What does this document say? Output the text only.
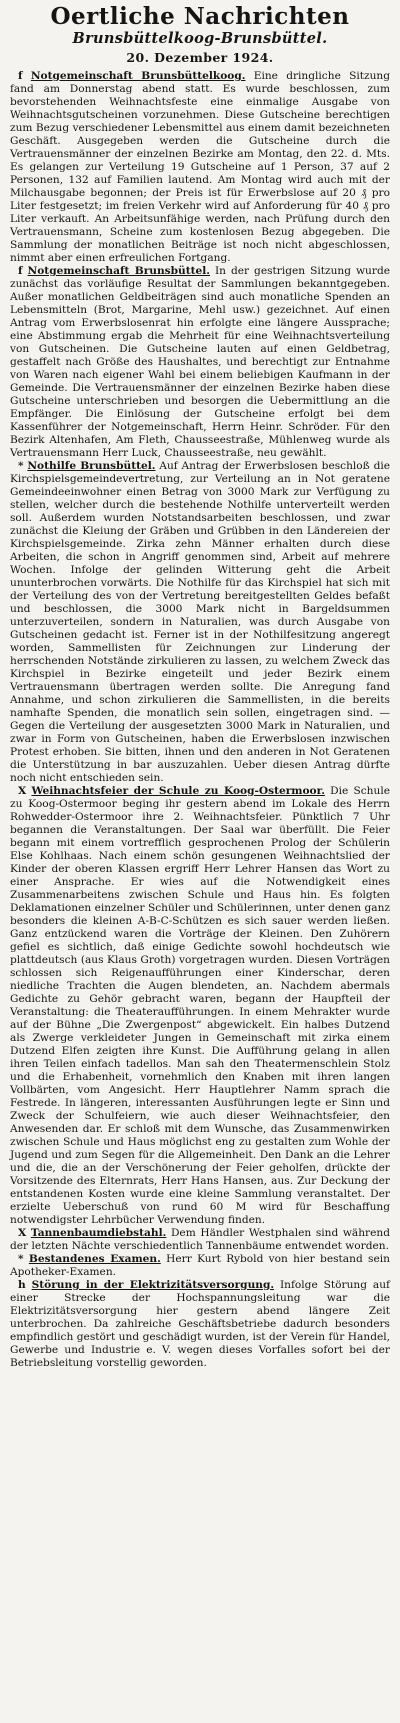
Oertliche Nachrichten
Brunsbüttelkoog-Brunsbüttel.
20. Dezember 1924.

f Notgemeinschaft Brunsbüttelkoog. Eine dringliche Sitzung fand am Donnerstag abend statt. Es wurde beschlossen, zum bevorstehenden Weihnachtsfeste eine einmalige Ausgabe von Weihnachtsgutscheinen vorzunehmen. Diese Gutscheine berechtigen zum Bezug verschiedener Lebensmittel aus einem damit bezeichneten Geschäft. Ausgegeben werden die Gutscheine durch die Vertrauensmänner der einzelnen Bezirke am Montag, den 22. d. Mts. Es gelangen zur Verteilung 19 Gutscheine auf 1 Person, 37 auf 2 Personen, 132 auf Familien lautend. Am Montag wird auch mit der Milchausgabe begonnen; der Preis ist für Erwerbslose auf 20 ₰ pro Liter festgesetzt; im freien Verkehr wird auf Anforderung für 40 ₰ pro Liter verkauft. An Arbeitsunfähige werden, nach Prüfung durch den Vertrauensmann, Scheine zum kostenlosen Bezug abgegeben. Die Sammlung der monatlichen Beiträge ist noch nicht abgeschlossen, nimmt aber einen erfreulichen Fortgang.

f Notgemeinschaft Brunsbüttel. In der gestrigen Sitzung wurde zunächst das vorläufige Resultat der Sammlungen bekanntgegeben. Außer monatlichen Geldbeiträgen sind auch monatliche Spenden an Lebensmitteln (Brot, Margarine, Mehl usw.) gezeichnet. Auf einen Antrag vom Erwerbslosenrat hin erfolgte eine längere Aussprache; eine Abstimmung ergab die Mehrheit für eine Weihnachtsverteilung von Gutscheinen. Die Gutscheine lauten auf einen Geldbetrag, gestaffelt nach Größe des Haushaltes, und berechtigt zur Entnahme von Waren nach eigener Wahl bei einem beliebigen Kaufmann in der Gemeinde. Die Vertrauensmänner der einzelnen Bezirke haben diese Gutscheine unterschrieben und besorgen die Uebermittlung an die Empfänger. Die Einlösung der Gutscheine erfolgt bei dem Kassenführer der Notgemeinschaft, Herrn Heinr. Schröder. Für den Bezirk Altenhafen, Am Fleth, Chausseestraße, Mühlenweg wurde als Vertrauensmann Herr Luck, Chausseestraße, neu gewählt.

* Nothilfe Brunsbüttel. Auf Antrag der Erwerbslosen beschloß die Kirchspielsgemeindevertretung, zur Verteilung an in Not geratene Gemeindeeinwohner einen Betrag von 3000 Mark zur Verfügung zu stellen, welcher durch die bestehende Nothilfe unterverteilt werden soll. Außerdem wurden Notstandsarbeiten beschlossen, und zwar zunächst die Kleiung der Gräben und Grübben in den Ländereien der Kirchspielsgemeinde. Zirka zehn Männer erhalten durch diese Arbeiten, die schon in Angriff genommen sind, Arbeit auf mehrere Wochen. Infolge der gelinden Witterung geht die Arbeit ununterbrochen vorwärts. Die Nothilfe für das Kirchspiel hat sich mit der Verteilung des von der Vertretung bereitgestellten Geldes befaßt und beschlossen, die 3000 Mark nicht in Bargeldsummen unterzuverteilen, sondern in Naturalien, was durch Ausgabe von Gutscheinen gedacht ist. Ferner ist in der Nothilfesitzung angeregt worden, Sammellisten für Zeichnungen zur Linderung der herrschenden Notstände zirkulieren zu lassen, zu welchem Zweck das Kirchspiel in Bezirke eingeteilt und jeder Bezirk einem Vertrauensmann übertragen werden sollte. Die Anregung fand Annahme, und schon zirkulieren die Sammellisten, in die bereits namhafte Spenden, die monatlich sein sollen, eingetragen sind. — Gegen die Verteilung der ausgesetzten 3000 Mark in Naturalien, und zwar in Form von Gutscheinen, haben die Erwerbslosen inzwischen Protest erhoben. Sie bitten, ihnen und den anderen in Not Geratenen die Unterstützung in bar auszuzahlen. Ueber diesen Antrag dürfte noch nicht entschieden sein.

X Weihnachtsfeier der Schule zu Koog-Ostermoor. Die Schule zu Koog-Ostermoor beging ihr gestern abend im Lokale des Herrn Rohwedder-Ostermoor ihre 2. Weihnachtsfeier. Pünktlich 7 Uhr begannen die Veranstaltungen. Der Saal war überfüllt. Die Feier begann mit einem vortrefflich gesprochenen Prolog der Schülerin Else Kohlhaas. Nach einem schön gesungenen Weihnachtslied der Kinder der oberen Klassen ergriff Herr Lehrer Hansen das Wort zu einer Ansprache. Er wies auf die Notwendigkeit eines Zusammenarbeitens zwischen Schule und Haus hin. Es folgten Deklamationen einzelner Schüler und Schülerinnen, unter denen ganz besonders die kleinen A-B-C-Schützen es sich sauer werden ließen. Ganz entzückend waren die Vorträge der Kleinen. Den Zuhörern gefiel es sichtlich, daß einige Gedichte sowohl hochdeutsch wie plattdeutsch (aus Klaus Groth) vorgetragen wurden. Diesen Vorträgen schlossen sich Reigenaufführungen einer Kinderschar, deren niedliche Trachten die Augen blendeten, an. Nachdem abermals Gedichte zu Gehör gebracht waren, begann der Haupfteil der Veranstaltung: die Theateraufführungen. In einem Mehrakter wurde auf der Bühne „Die Zwergenpost“ abgewickelt. Ein halbes Dutzend als Zwerge verkleideter Jungen in Gemeinschaft mit zirka einem Dutzend Elfen zeigten ihre Kunst. Die Aufführung gelang in allen ihren Teilen einfach tadellos. Man sah den Theatermenschlein Stolz und die Erhabenheit, vornehmlich den Knaben mit ihren langen Vollbärten, vom Angesicht. Herr Hauptlehrer Namm sprach die Festrede. In längeren, interessanten Ausführungen legte er Sinn und Zweck der Schulfeiern, wie auch dieser Weihnachtsfeier, den Anwesenden dar. Er schloß mit dem Wunsche, das Zusammenwirken zwischen Schule und Haus möglichst eng zu gestalten zum Wohle der Jugend und zum Segen für die Allgemeinheit. Den Dank an die Lehrer und die, die an der Verschönerung der Feier geholfen, drückte der Vorsitzende des Elternrats, Herr Hans Hansen, aus. Zur Deckung der entstandenen Kosten wurde eine kleine Sammlung veranstaltet. Der erzielte Ueberschuß von rund 60 M wird für Beschaffung notwendigster Lehrbücher Verwendung finden.

X Tannenbaumdiebstahl. Dem Händler Westphalen sind während der letzten Nächte verschiedentlich Tannenbäume entwendet worden.

* Bestandenes Examen. Herr Kurt Rybold von hier bestand sein Apotheker-Examen.

h Störung in der Elektrizitätsversorgung. Infolge Störung auf einer Strecke der Hochspannungsleitung war die Elektrizitätsversorgung hier gestern abend längere Zeit unterbrochen. Da zahlreiche Geschäftsbetriebe dadurch besonders empfindlich gestört und geschädigt wurden, ist der Verein für Handel, Gewerbe und Industrie e. V. wegen dieses Vorfalles sofort bei der Betriebsleitung vorstellig geworden.
